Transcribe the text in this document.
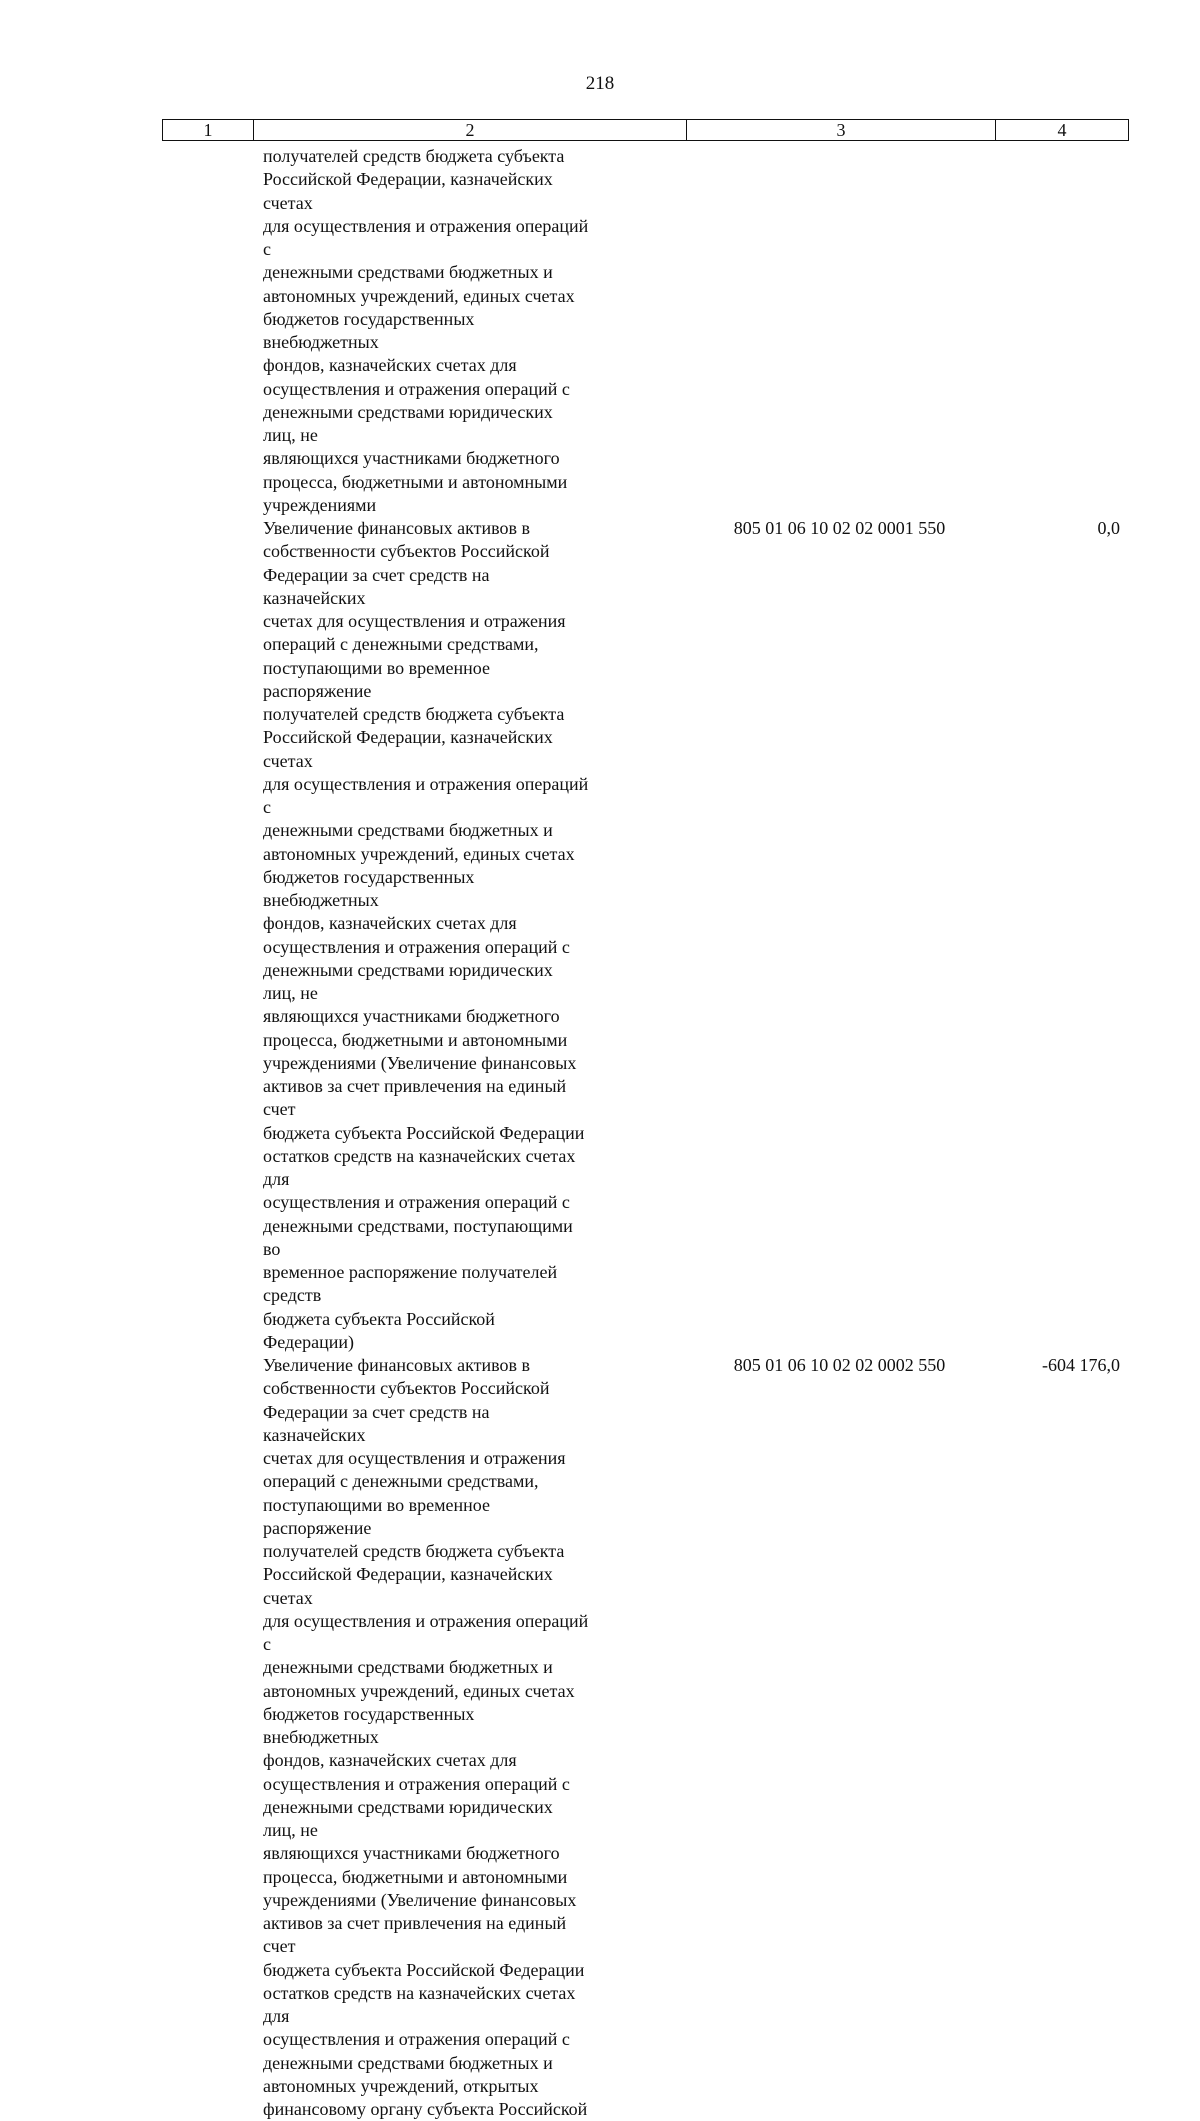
218
1	2	3	4
получателей средств бюджета субъекта
Российской Федерации, казначейских счетах
для осуществления и отражения операций с
денежными средствами бюджетных и
автономных учреждений, единых счетах
бюджетов государственных внебюджетных
фондов, казначейских счетах для
осуществления и отражения операций с
денежными средствами юридических лиц, не
являющихся участниками бюджетного
процесса, бюджетными и автономными
учреждениями
Увеличение финансовых активов в
собственности субъектов Российской
Федерации за счет средств на казначейских
счетах для осуществления и отражения
операций с денежными средствами,
поступающими во временное распоряжение
получателей средств бюджета субъекта
Российской Федерации, казначейских счетах
для осуществления и отражения операций с
денежными средствами бюджетных и
автономных учреждений, единых счетах
бюджетов государственных внебюджетных
фондов, казначейских счетах для
осуществления и отражения операций с
денежными средствами юридических лиц, не
являющихся участниками бюджетного
процесса, бюджетными и автономными
учреждениями (Увеличение финансовых
активов за счет привлечения на единый счет
бюджета субъекта Российской Федерации
остатков средств на казначейских счетах для
осуществления и отражения операций с
денежными средствами, поступающими во
временное распоряжение получателей средств
бюджета субъекта Российской Федерации)
805 01 06 10 02 02 0001 550	0,0
Увеличение финансовых активов в
собственности субъектов Российской
Федерации за счет средств на казначейских
счетах для осуществления и отражения
операций с денежными средствами,
поступающими во временное распоряжение
получателей средств бюджета субъекта
Российской Федерации, казначейских счетах
для осуществления и отражения операций с
денежными средствами бюджетных и
автономных учреждений, единых счетах
бюджетов государственных внебюджетных
фондов, казначейских счетах для
осуществления и отражения операций с
денежными средствами юридических лиц, не
являющихся участниками бюджетного
процесса, бюджетными и автономными
учреждениями (Увеличение финансовых
активов за счет привлечения на единый счет
бюджета субъекта Российской Федерации
остатков средств на казначейских счетах для
осуществления и отражения операций с
денежными средствами бюджетных и
автономных учреждений, открытых
финансовому органу субъекта Российской
805 01 06 10 02 02 0002 550	-604 176,0
